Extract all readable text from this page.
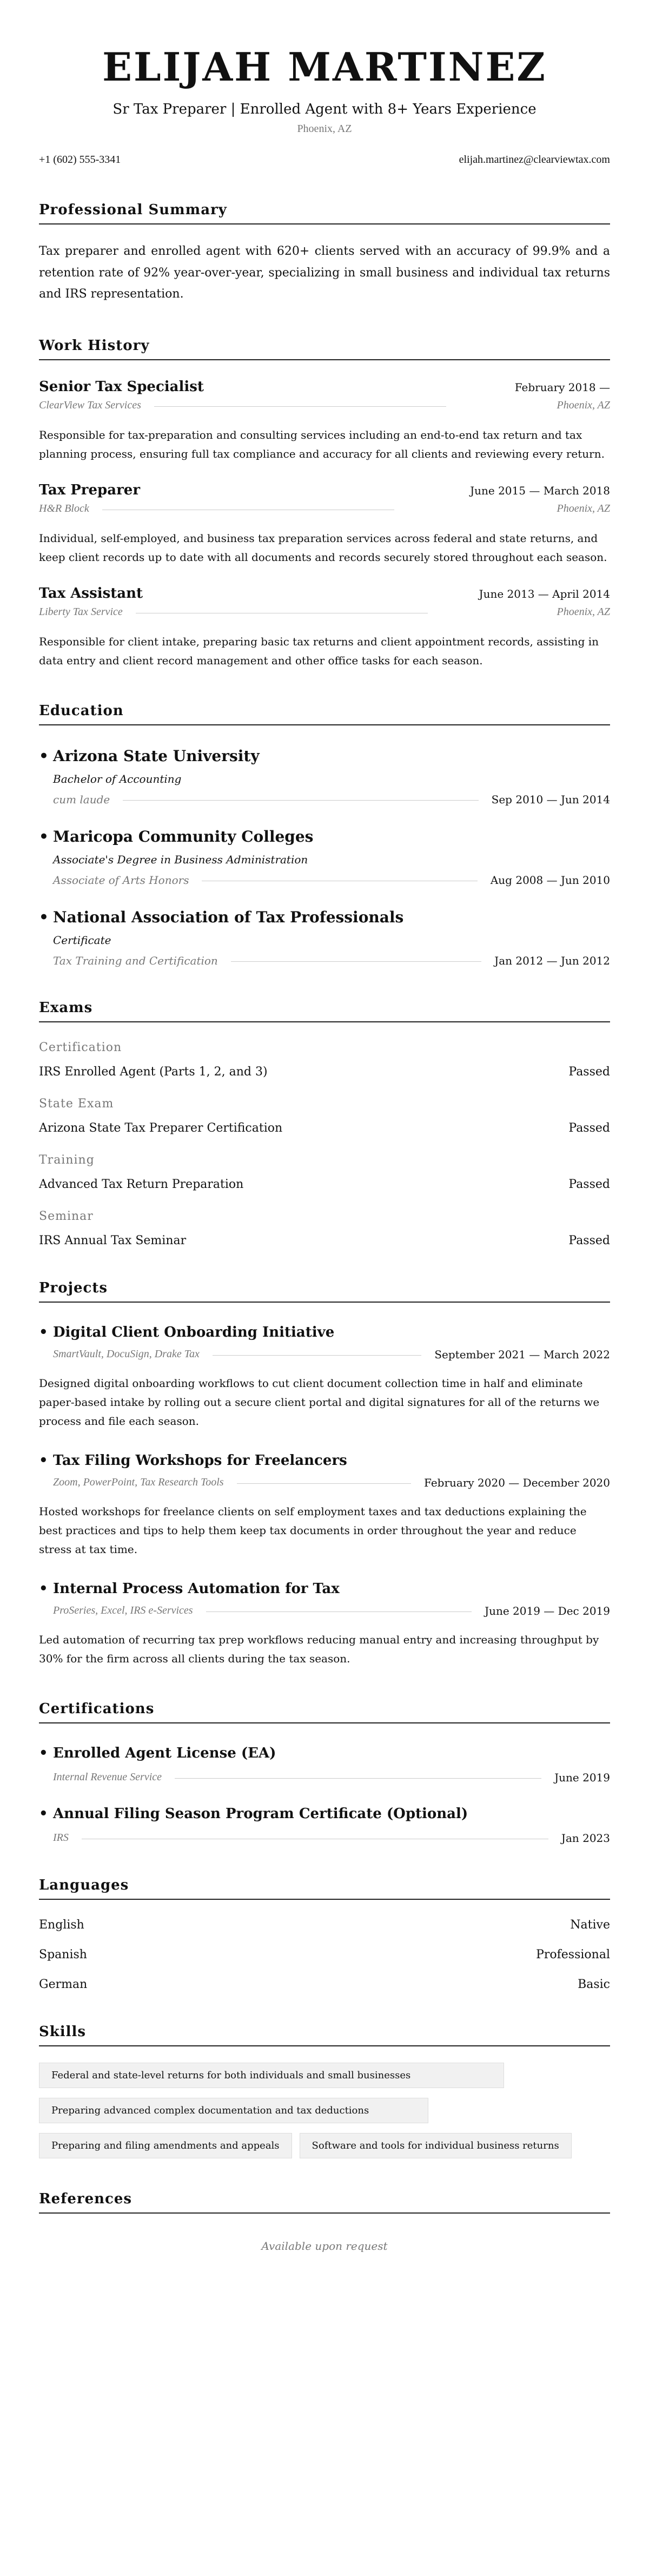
ELIJAH MARTINEZ
Sr Tax Preparer | Enrolled Agent with 8+ Years Experience
Phoenix, AZ
+1 (602) 555-3341	elijah.martinez@clearviewtax.com
Professional Summary
Tax preparer and enrolled agent with 620+ clients served with an accuracy of 99.9% and a retention rate of 92% year-over-year, specializing in small business and individual tax returns and IRS representation.
Work History
Senior Tax Specialist	February 2018 —
ClearView Tax Services	Phoenix, AZ
Responsible for tax-preparation and consulting services including an end-to-end tax return and tax planning process, ensuring full tax compliance and accuracy for all clients and reviewing every return.
Tax Preparer	June 2015 — March 2018
H&R Block	Phoenix, AZ
Individual, self-employed, and business tax preparation services across federal and state returns, and keep client records up to date with all documents and records securely stored throughout each season.
Tax Assistant	June 2013 — April 2014
Liberty Tax Service	Phoenix, AZ
Responsible for client intake, preparing basic tax returns and client appointment records, assisting in data entry and client record management and other office tasks for each season.
Education
• Arizona State University
Bachelor of Accounting
cum laude	Sep 2010 — Jun 2014
• Maricopa Community Colleges
Associate's Degree in Business Administration
Associate of Arts Honors	Aug 2008 — Jun 2010
• National Association of Tax Professionals
Certificate
Tax Training and Certification	Jan 2012 — Jun 2012
Exams
Certification
IRS Enrolled Agent (Parts 1, 2, and 3)	Passed
State Exam
Arizona State Tax Preparer Certification	Passed
Training
Advanced Tax Return Preparation	Passed
Seminar
IRS Annual Tax Seminar	Passed
Projects
• Digital Client Onboarding Initiative
SmartVault, DocuSign, Drake Tax	September 2021 — March 2022
Designed digital onboarding workflows to cut client document collection time in half and eliminate paper-based intake by rolling out a secure client portal and digital signatures for all of the returns we process and file each season.
• Tax Filing Workshops for Freelancers
Zoom, PowerPoint, Tax Research Tools	February 2020 — December 2020
Hosted workshops for freelance clients on self employment taxes and tax deductions explaining the best practices and tips to help them keep tax documents in order throughout the year and reduce stress at tax time.
• Internal Process Automation for Tax
ProSeries, Excel, IRS e-Services	June 2019 — Dec 2019
Led automation of recurring tax prep workflows reducing manual entry and increasing throughput by 30% for the firm across all clients during the tax season.
Certifications
• Enrolled Agent License (EA)
Internal Revenue Service	June 2019
• Annual Filing Season Program Certificate (Optional)
IRS	Jan 2023
Languages
English	Native
Spanish	Professional
German	Basic
Skills
Federal and state-level returns for both individuals and small businesses
Preparing advanced complex documentation and tax deductions
Preparing and filing amendments and appeals	Software and tools for individual business returns
References
Available upon request
